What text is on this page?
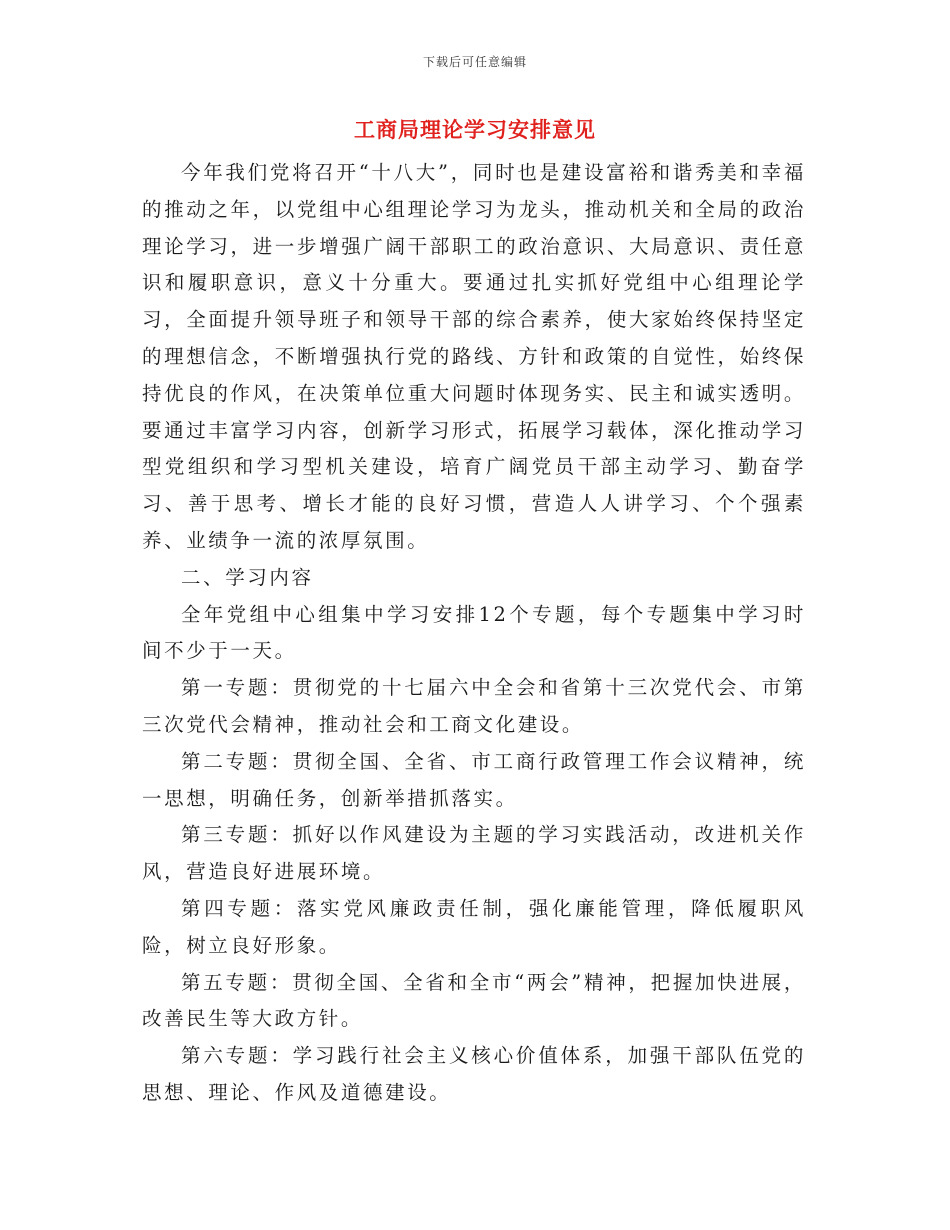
下载后可任意编辑
工商局理论学习安排意见

今年我们党将召开“十八大”，同时也是建设富裕和谐秀美和幸福的推动之年，以党组中心组理论学习为龙头，推动机关和全局的政治理论学习，进一步增强广阔干部职工的政治意识、大局意识、责任意识和履职意识，意义十分重大。要通过扎实抓好党组中心组理论学习，全面提升领导班子和领导干部的综合素养，使大家始终保持坚定的理想信念，不断增强执行党的路线、方针和政策的自觉性，始终保持优良的作风，在决策单位重大问题时体现务实、民主和诚实透明。要通过丰富学习内容，创新学习形式，拓展学习载体，深化推动学习型党组织和学习型机关建设，培育广阔党员干部主动学习、勤奋学习、善于思考、增长才能的良好习惯，营造人人讲学习、个个强素养、业绩争一流的浓厚氛围。

二、学习内容

全年党组中心组集中学习安排12个专题，每个专题集中学习时间不少于一天。

第一专题：贯彻党的十七届六中全会和省第十三次党代会、市第三次党代会精神，推动社会和工商文化建设。

第二专题：贯彻全国、全省、市工商行政管理工作会议精神，统一思想，明确任务，创新举措抓落实。

第三专题：抓好以作风建设为主题的学习实践活动，改进机关作风，营造良好进展环境。

第四专题：落实党风廉政责任制，强化廉能管理，降低履职风险，树立良好形象。

第五专题：贯彻全国、全省和全市“两会”精神，把握加快进展，改善民生等大政方针。

第六专题：学习践行社会主义核心价值体系，加强干部队伍党的思想、理论、作风及道德建设。
